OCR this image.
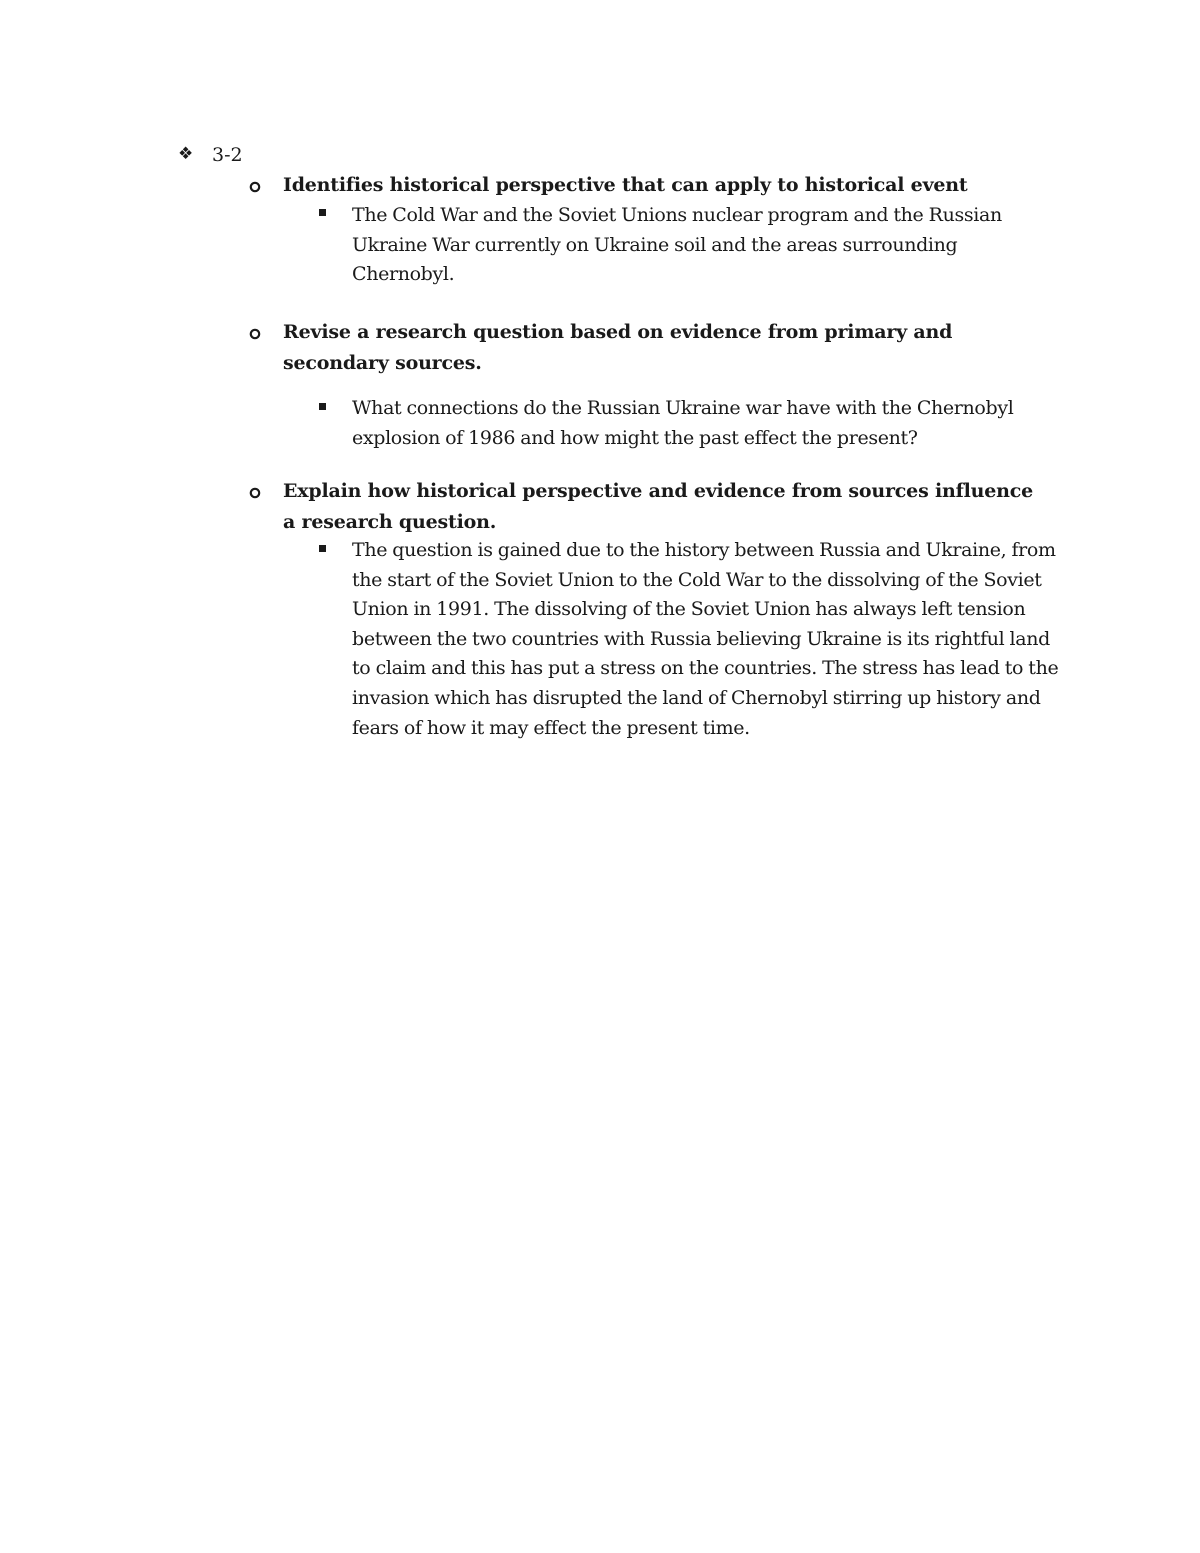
❖ 3-2
Identifies historical perspective that can apply to historical event
The Cold War and the Soviet Unions nuclear program and the Russian Ukraine War currently on Ukraine soil and the areas surrounding Chernobyl.
Revise a research question based on evidence from primary and secondary sources.
What connections do the Russian Ukraine war have with the Chernobyl explosion of 1986 and how might the past effect the present?
Explain how historical perspective and evidence from sources influence a research question.
The question is gained due to the history between Russia and Ukraine, from the start of the Soviet Union to the Cold War to the dissolving of the Soviet Union in 1991. The dissolving of the Soviet Union has always left tension between the two countries with Russia believing Ukraine is its rightful land to claim and this has put a stress on the countries. The stress has lead to the invasion which has disrupted the land of Chernobyl stirring up history and fears of how it may effect the present time.
